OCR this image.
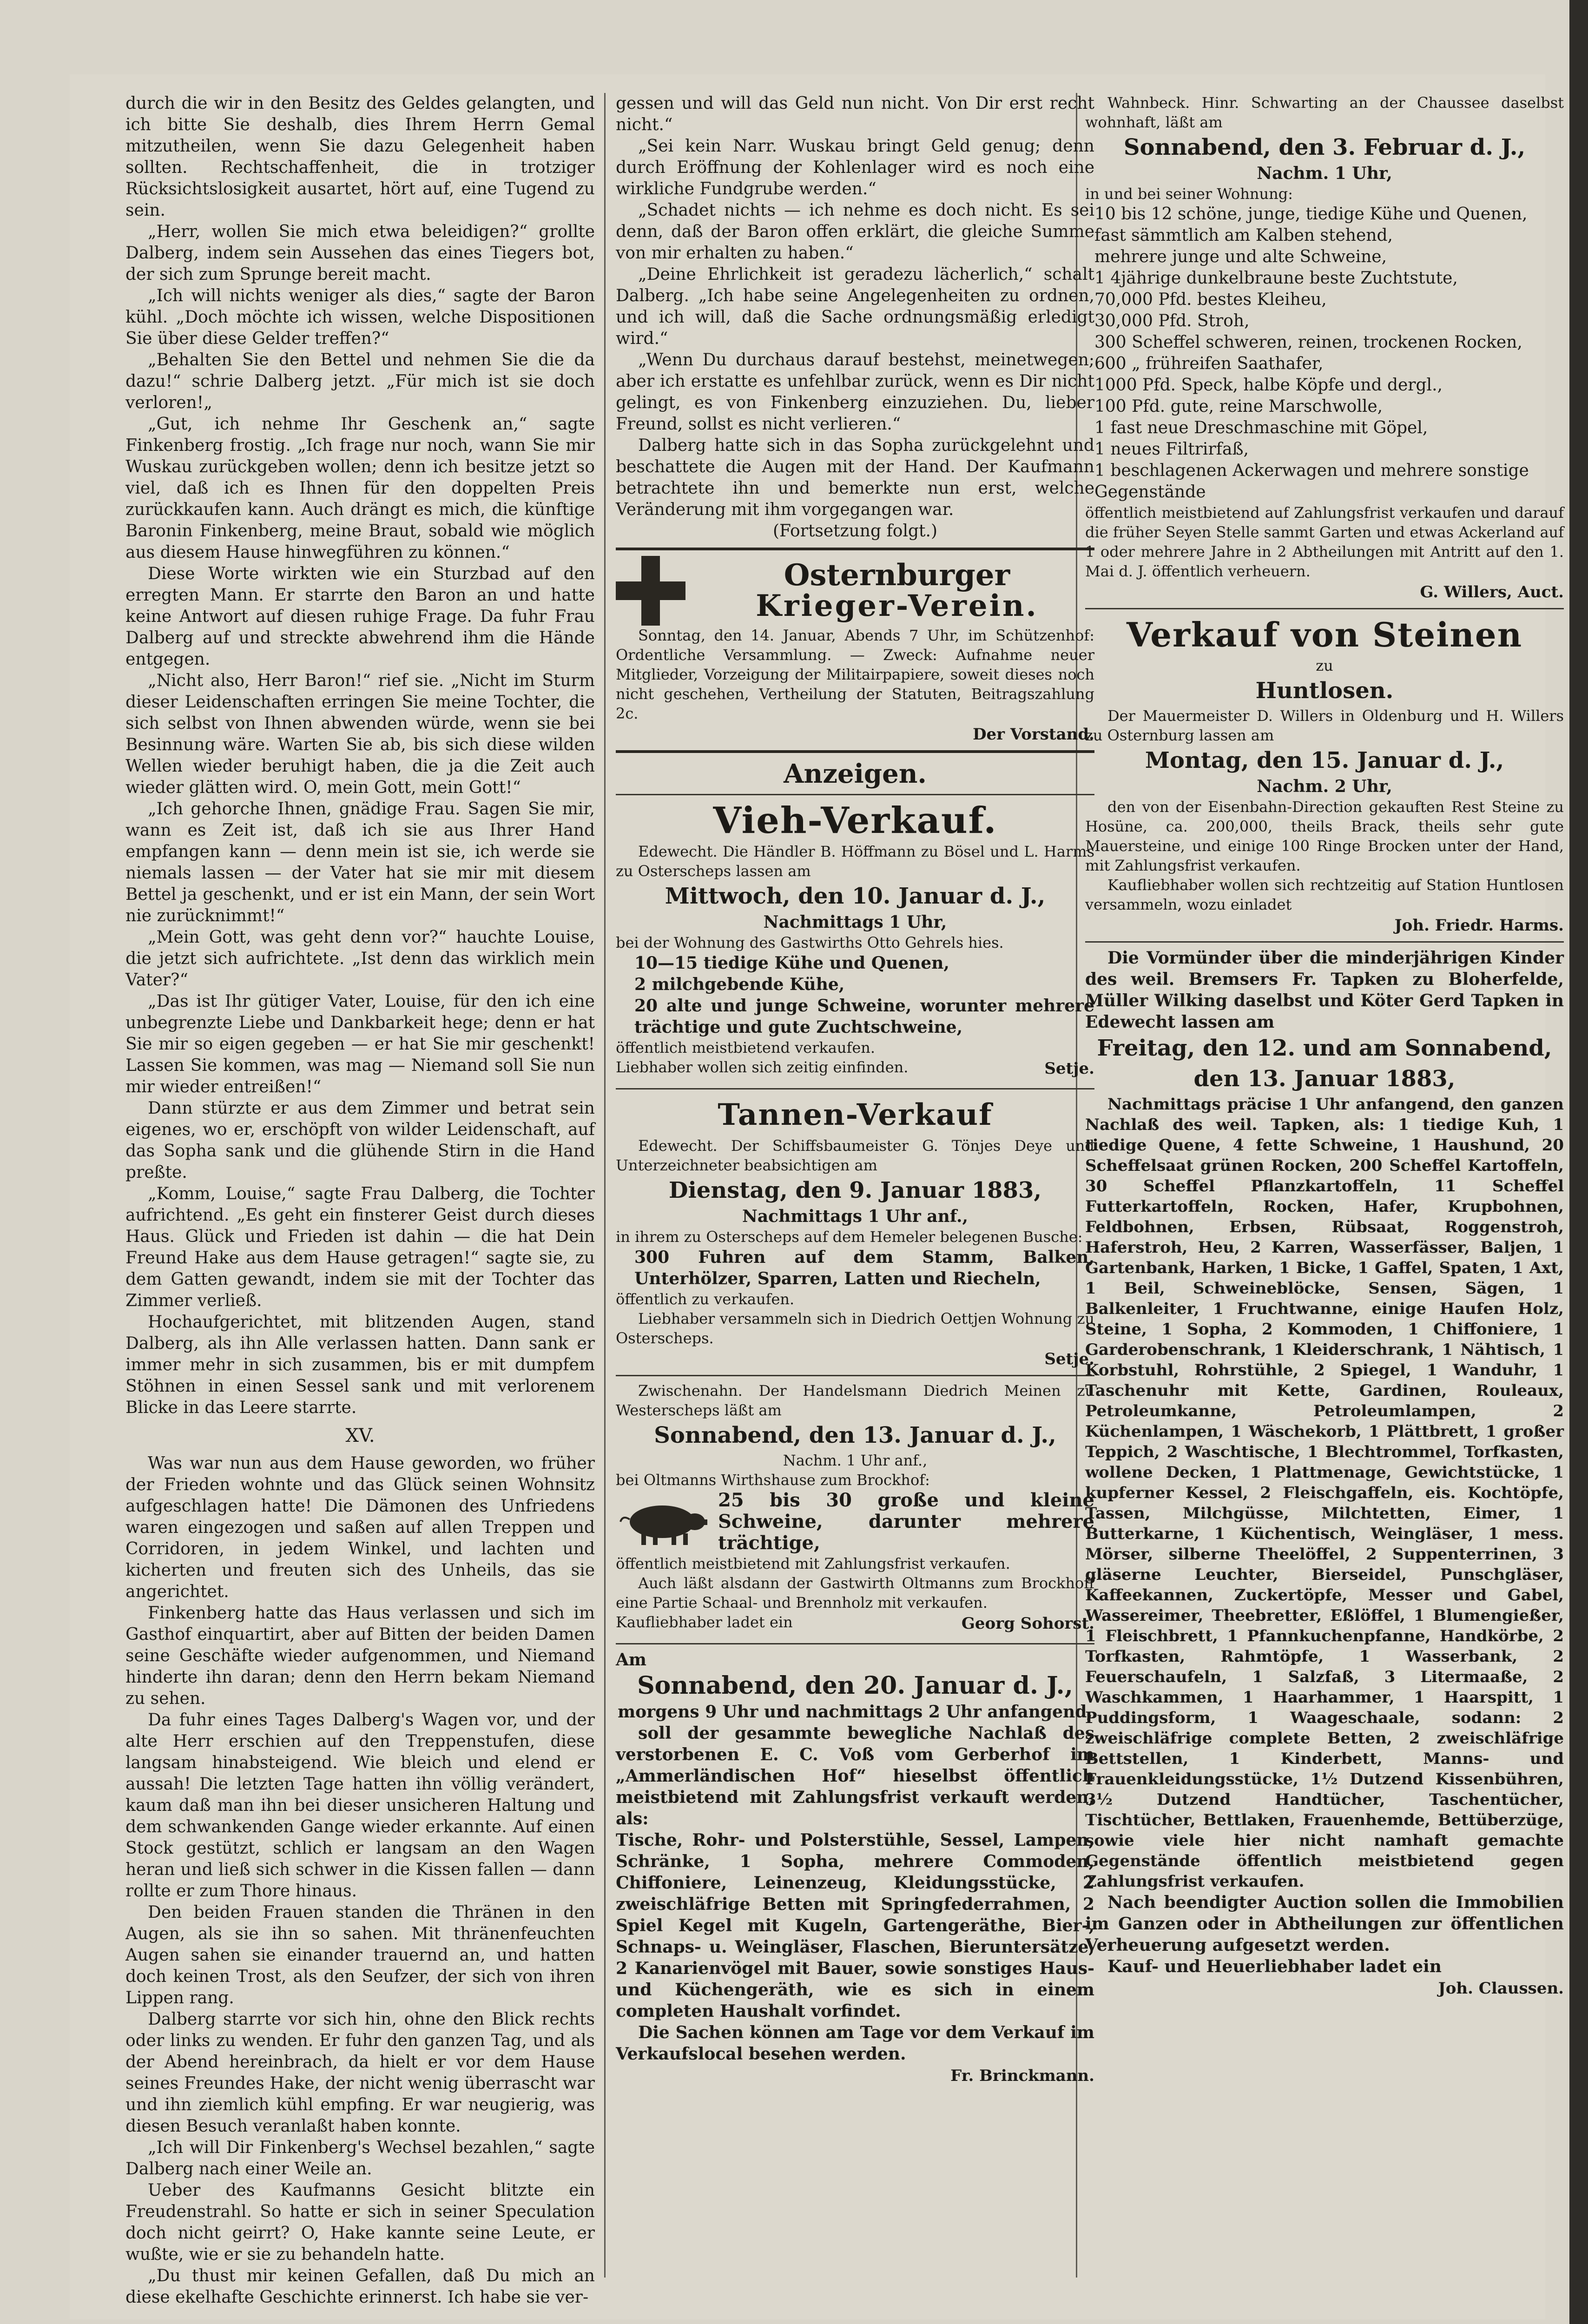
durch die wir in den Besitz des Geldes gelangten, und ich bitte Sie deshalb, dies Ihrem Herrn Gemal mitzutheilen, wenn Sie dazu Gelegenheit haben sollten. Rechtschaffenheit, die in trotziger Rücksichtslosigkeit ausartet, hört auf, eine Tugend zu sein.

„Herr, wollen Sie mich etwa beleidigen?“ grollte Dalberg, indem sein Aussehen das eines Tiegers bot, der sich zum Sprunge bereit macht.

„Ich will nichts weniger als dies,“ sagte der Baron kühl. „Doch möchte ich wissen, welche Dispositionen Sie über diese Gelder treffen?“

„Behalten Sie den Bettel und nehmen Sie die da dazu!“ schrie Dalberg jetzt. „Für mich ist sie doch verloren!„

„Gut, ich nehme Ihr Geschenk an,“ sagte Finkenberg frostig. „Ich frage nur noch, wann Sie mir Wuskau zurückgeben wollen; denn ich besitze jetzt so viel, daß ich es Ihnen für den doppelten Preis zurückkaufen kann. Auch drängt es mich, die künftige Baronin Finkenberg, meine Braut, sobald wie möglich aus diesem Hause hinwegführen zu können.“

Diese Worte wirkten wie ein Sturzbad auf den erregten Mann. Er starrte den Baron an und hatte keine Antwort auf diesen ruhige Frage. Da fuhr Frau Dalberg auf und streckte abwehrend ihm die Hände entgegen.

„Nicht also, Herr Baron!“ rief sie. „Nicht im Sturm dieser Leidenschaften erringen Sie meine Tochter, die sich selbst von Ihnen abwenden würde, wenn sie bei Besinnung wäre. Warten Sie ab, bis sich diese wilden Wellen wieder beruhigt haben, die ja die Zeit auch wieder glätten wird. O, mein Gott, mein Gott!“

„Ich gehorche Ihnen, gnädige Frau. Sagen Sie mir, wann es Zeit ist, daß ich sie aus Ihrer Hand empfangen kann — denn mein ist sie, ich werde sie niemals lassen — der Vater hat sie mir mit diesem Bettel ja geschenkt, und er ist ein Mann, der sein Wort nie zurücknimmt!“

„Mein Gott, was geht denn vor?“ hauchte Louise, die jetzt sich aufrichtete. „Ist denn das wirklich mein Vater?“

„Das ist Ihr gütiger Vater, Louise, für den ich eine unbegrenzte Liebe und Dankbarkeit hege; denn er hat Sie mir so eigen gegeben — er hat Sie mir geschenkt! Lassen Sie kommen, was mag — Niemand soll Sie nun mir wieder entreißen!“

Dann stürzte er aus dem Zimmer und betrat sein eigenes, wo er, erschöpft von wilder Leidenschaft, auf das Sopha sank und die glühende Stirn in die Hand preßte.

„Komm, Louise,“ sagte Frau Dalberg, die Tochter aufrichtend. „Es geht ein finsterer Geist durch dieses Haus. Glück und Frieden ist dahin — die hat Dein Freund Hake aus dem Hause getragen!“ sagte sie, zu dem Gatten gewandt, indem sie mit der Tochter das Zimmer verließ.

Hochaufgerichtet, mit blitzenden Augen, stand Dalberg, als ihn Alle verlassen hatten. Dann sank er immer mehr in sich zusammen, bis er mit dumpfem Stöhnen in einen Sessel sank und mit verlorenem Blicke in das Leere starrte.

XV.

Was war nun aus dem Hause geworden, wo früher der Frieden wohnte und das Glück seinen Wohnsitz aufgeschlagen hatte! Die Dämonen des Unfriedens waren eingezogen und saßen auf allen Treppen und Corridoren, in jedem Winkel, und lachten und kicherten und freuten sich des Unheils, das sie angerichtet.

Finkenberg hatte das Haus verlassen und sich im Gasthof einquartirt, aber auf Bitten der beiden Damen seine Geschäfte wieder aufgenommen, und Niemand hinderte ihn daran; denn den Herrn bekam Niemand zu sehen.

Da fuhr eines Tages Dalberg's Wagen vor, und der alte Herr erschien auf den Treppenstufen, diese langsam hinabsteigend. Wie bleich und elend er aussah! Die letzten Tage hatten ihn völlig verändert, kaum daß man ihn bei dieser unsicheren Haltung und dem schwankenden Gange wieder erkannte. Auf einen Stock gestützt, schlich er langsam an den Wagen heran und ließ sich schwer in die Kissen fallen — dann rollte er zum Thore hinaus.

Den beiden Frauen standen die Thränen in den Augen, als sie ihn so sahen. Mit thränenfeuchten Augen sahen sie einander trauernd an, und hatten doch keinen Trost, als den Seufzer, der sich von ihren Lippen rang.

Dalberg starrte vor sich hin, ohne den Blick rechts oder links zu wenden. Er fuhr den ganzen Tag, und als der Abend hereinbrach, da hielt er vor dem Hause seines Freundes Hake, der nicht wenig überrascht war und ihn ziemlich kühl empfing. Er war neugierig, was diesen Besuch veranlaßt haben konnte.

„Ich will Dir Finkenberg's Wechsel bezahlen,“ sagte Dalberg nach einer Weile an.

Ueber des Kaufmanns Gesicht blitzte ein Freudenstrahl. So hatte er sich in seiner Speculation doch nicht geirrt? O, Hake kannte seine Leute, er wußte, wie er sie zu behandeln hatte.

„Du thust mir keinen Gefallen, daß Du mich an diese ekelhafte Geschichte erinnerst. Ich habe sie ver-

gessen und will das Geld nun nicht. Von Dir erst recht nicht.“

„Sei kein Narr. Wuskau bringt Geld genug; denn durch Eröffnung der Kohlenlager wird es noch eine wirkliche Fundgrube werden.“

„Schadet nichts — ich nehme es doch nicht. Es sei denn, daß der Baron offen erklärt, die gleiche Summe von mir erhalten zu haben.“

„Deine Ehrlichkeit ist geradezu lächerlich,“ schalt Dalberg. „Ich habe seine Angelegenheiten zu ordnen, und ich will, daß die Sache ordnungsmäßig erledigt wird.“

„Wenn Du durchaus darauf bestehst, meinetwegen; aber ich erstatte es unfehlbar zurück, wenn es Dir nicht gelingt, es von Finkenberg einzuziehen. Du, lieber Freund, sollst es nicht verlieren.“

Dalberg hatte sich in das Sopha zurückgelehnt und beschattete die Augen mit der Hand. Der Kaufmann betrachtete ihn und bemerkte nun erst, welche Veränderung mit ihm vorgegangen war.

(Fortsetzung folgt.)

Osternburger
Krieger-Verein.

Sonntag, den 14. Januar, Abends 7 Uhr, im Schützenhof: Ordentliche Versammlung. — Zweck: Aufnahme neuer Mitglieder, Vorzeigung der Militairpapiere, soweit dieses noch nicht geschehen, Vertheilung der Statuten, Beitragszahlung 2c.

Der Vorstand.
Anzeigen.
Vieh-Verkauf.

Edewecht. Die Händler B. Höffmann zu Bösel und L. Harms zu Osterscheps lassen am

Mittwoch, den 10. Januar d. J.,

Nachmittags 1 Uhr,

bei der Wohnung des Gastwirths Otto Gehrels hies.

10—15 tiedige Kühe und Quenen,

2 milchgebende Kühe,

20 alte und junge Schweine, worunter mehrere trächtige und gute Zuchtschweine,

öffentlich meistbietend verkaufen.

Liebhaber wollen sich zeitig einfinden.	Setje.
Tannen-Verkauf

Edewecht. Der Schiffsbaumeister G. Tönjes Deye und Unterzeichneter beabsichtigen am

Dienstag, den 9. Januar 1883,

Nachmittags 1 Uhr anf.,

in ihrem zu Osterscheps auf dem Hemeler belegenen Busche:

300 Fuhren auf dem Stamm, Balken, Unterhölzer, Sparren, Latten und Riecheln,

öffentlich zu verkaufen.

Liebhaber versammeln sich in Diedrich Oettjen Wohnung zu Osterscheps.

Setje.

Zwischenahn. Der Handelsmann Diedrich Meinen zu Westerscheps läßt am

Sonnabend, den 13. Januar d. J.,

Nachm. 1 Uhr anf.,

bei Oltmanns Wirthshause zum Brockhof:

25 bis 30 große und kleine Schweine, darunter mehrere trächtige,

öffentlich meistbietend mit Zahlungsfrist verkaufen.

Auch läßt alsdann der Gastwirth Oltmanns zum Brockhoff eine Partie Schaal- und Brennholz mit verkaufen.

Kaufliebhaber ladet ein	Georg Sohorst.

Am

Sonnabend, den 20. Januar d. J.,

morgens 9 Uhr und nachmittags 2 Uhr anfangend,

soll der gesammte bewegliche Nachlaß des verstorbenen E. C. Voß vom Gerberhof im „Ammerländischen Hof“ hieselbst öffentlich meistbietend mit Zahlungsfrist verkauft werden, als:

Tische, Rohr- und Polsterstühle, Sessel, Lampen, Schränke, 1 Sopha, mehrere Commoden, Chiffoniere, Leinenzeug, Kleidungsstücke, 2 zweischläfrige Betten mit Springfederrahmen, 2 Spiel Kegel mit Kugeln, Gartengeräthe, Bier-, Schnaps- u. Weingläser, Flaschen, Bieruntersätze, 2 Kanarienvögel mit Bauer, sowie sonstiges Haus- und Küchengeräth, wie es sich in einem completen Haushalt vorfindet.

Die Sachen können am Tage vor dem Verkauf im Verkaufslocal besehen werden.

Fr. Brinckmann.

Wahnbeck. Hinr. Schwarting an der Chaussee daselbst wohnhaft, läßt am

Sonnabend, den 3. Februar d. J.,

Nachm. 1 Uhr,

in und bei seiner Wohnung:

10 bis 12 schöne, junge, tiedige Kühe und Quenen, fast sämmtlich am Kalben stehend,

mehrere junge und alte Schweine,

1 4jährige dunkelbraune beste Zuchtstute,

70,000 Pfd. bestes Kleiheu,

30,000 Pfd. Stroh,

300 Scheffel schweren, reinen, trockenen Rocken,

600 „ frühreifen Saathafer,

1000 Pfd. Speck, halbe Köpfe und dergl.,

100 Pfd. gute, reine Marschwolle,

1 fast neue Dreschmaschine mit Göpel,

1 neues Filtrirfaß,

1 beschlagenen Ackerwagen und mehrere sonstige Gegenstände

öffentlich meistbietend auf Zahlungsfrist verkaufen und darauf die früher Seyen Stelle sammt Garten und etwas Ackerland auf 1 oder mehrere Jahre in 2 Abtheilungen mit Antritt auf den 1. Mai d. J. öffentlich verheuern.

G. Willers, Auct.
Verkauf von Steinen

zu

Huntlosen.

Der Mauermeister D. Willers in Oldenburg und H. Willers zu Osternburg lassen am

Montag, den 15. Januar d. J.,

Nachm. 2 Uhr,

den von der Eisenbahn-Direction gekauften Rest Steine zu Hosüne, ca. 200,000, theils Brack, theils sehr gute Mauersteine, und einige 100 Ringe Brocken unter der Hand, mit Zahlungsfrist verkaufen.

Kaufliebhaber wollen sich rechtzeitig auf Station Huntlosen versammeln, wozu einladet

Joh. Friedr. Harms.

Die Vormünder über die minderjährigen Kinder des weil. Bremsers Fr. Tapken zu Bloherfelde, Müller Wilking daselbst und Köter Gerd Tapken in Edewecht lassen am

Freitag, den 12. und am Sonnabend,
den 13. Januar 1883,

Nachmittags präcise 1 Uhr anfangend, den ganzen Nachlaß des weil. Tapken, als: 1 tiedige Kuh, 1 tiedige Quene, 4 fette Schweine, 1 Haushund, 20 Scheffelsaat grünen Rocken, 200 Scheffel Kartoffeln, 30 Scheffel Pflanzkartoffeln, 11 Scheffel Futterkartoffeln, Rocken, Hafer, Krupbohnen, Feldbohnen, Erbsen, Rübsaat, Roggenstroh, Haferstroh, Heu, 2 Karren, Wasserfässer, Baljen, 1 Gartenbank, Harken, 1 Bicke, 1 Gaffel, Spaten, 1 Axt, 1 Beil, Schweineblöcke, Sensen, Sägen, 1 Balkenleiter, 1 Fruchtwanne, einige Haufen Holz, Steine, 1 Sopha, 2 Kommoden, 1 Chiffoniere, 1 Garderobenschrank, 1 Kleiderschrank, 1 Nähtisch, 1 Korbstuhl, Rohrstühle, 2 Spiegel, 1 Wanduhr, 1 Taschenuhr mit Kette, Gardinen, Rouleaux, Petroleumkanne, Petroleumlampen, 2 Küchenlampen, 1 Wäschekorb, 1 Plättbrett, 1 großer Teppich, 2 Waschtische, 1 Blechtrommel, Torfkasten, wollene Decken, 1 Plattmenage, Gewichtstücke, 1 kupferner Kessel, 2 Fleischgaffeln, eis. Kochtöpfe, Tassen, Milchgüsse, Milchtetten, Eimer, 1 Butterkarne, 1 Küchentisch, Weingläser, 1 mess. Mörser, silberne Theelöffel, 2 Suppenterrinen, 3 gläserne Leuchter, Bierseidel, Punschgläser, Kaffeekannen, Zuckertöpfe, Messer und Gabel, Wassereimer, Theebretter, Eßlöffel, 1 Blumengießer, 1 Fleischbrett, 1 Pfannkuchenpfanne, Handkörbe, 2 Torfkasten, Rahmtöpfe, 1 Wasserbank, 2 Feuerschaufeln, 1 Salzfaß, 3 Litermaaße, 2 Waschkammen, 1 Haarhammer, 1 Haarspitt, 1 Puddingsform, 1 Waageschaale, sodann: 2 zweischläfrige complete Betten, 2 zweischläfrige Bettstellen, 1 Kinderbett, Manns- und Frauenkleidungsstücke, 1½ Dutzend Kissenbühren, 3½ Dutzend Handtücher, Taschentücher, Tischtücher, Bettlaken, Frauenhemde, Bettüberzüge, sowie viele hier nicht namhaft gemachte Gegenstände öffentlich meistbietend gegen Zahlungsfrist verkaufen.

Nach beendigter Auction sollen die Immobilien im Ganzen oder in Abtheilungen zur öffentlichen Verheuerung aufgesetzt werden.

Kauf- und Heuerliebhaber ladet ein

Joh. Claussen.
